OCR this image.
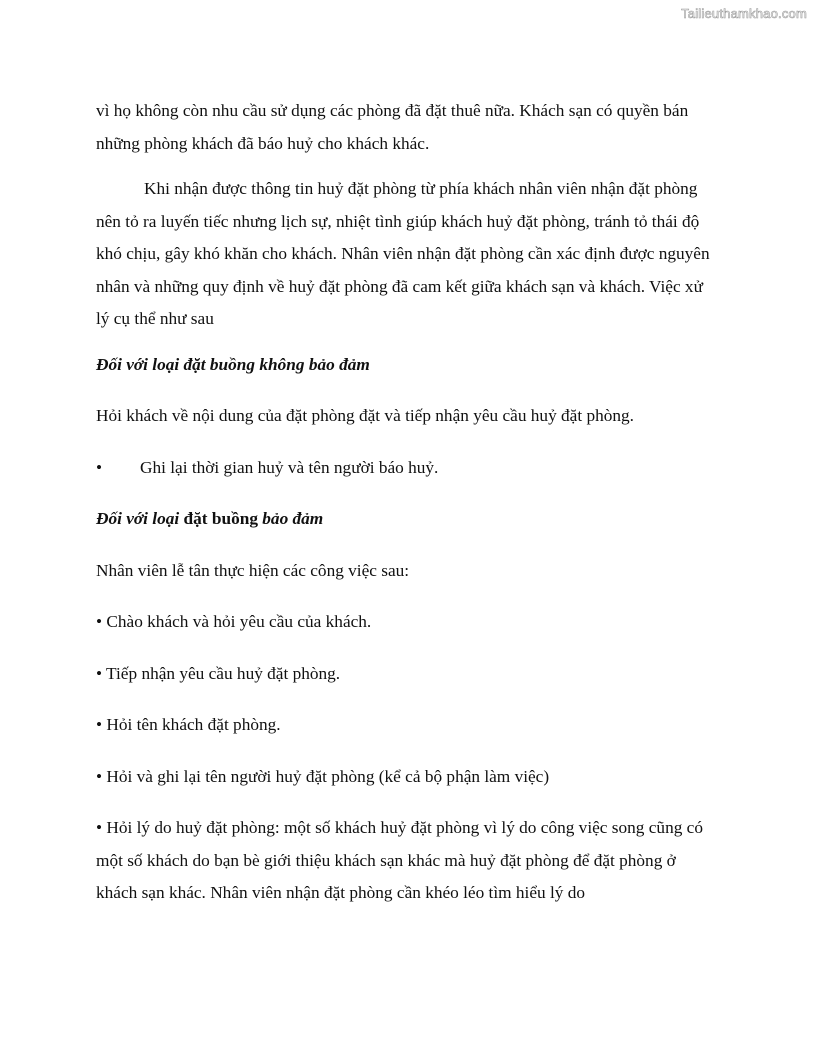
Tailieuthamkhao.com

vì họ không còn nhu cầu sử dụng các phòng đã đặt thuê nữa. Khách sạn có quyền bán những phòng khách đã báo huỷ cho khách khác.

Khi nhận được thông tin huỷ đặt phòng từ phía khách nhân viên nhận đặt phòng nên tỏ ra luyến tiếc nhưng lịch sự, nhiệt tình giúp khách huỷ đặt phòng, tránh tỏ thái độ khó chịu, gây khó khăn cho khách. Nhân viên nhận đặt phòng cần xác định được nguyên nhân và những quy định về huỷ đặt phòng đã cam kết giữa khách sạn và khách. Việc xử lý cụ thể như sau

Đối với loại đặt buồng không bảo đảm

Hỏi khách về nội dung của đặt phòng đặt và tiếp nhận yêu cầu huỷ đặt phòng.

• Ghi lại thời gian huỷ và tên người báo huỷ.

Đối với loại đặt buồng bảo đảm

Nhân viên lễ tân thực hiện các công việc sau:

• Chào khách và hỏi yêu cầu của khách.

• Tiếp nhận yêu cầu huỷ đặt phòng.

• Hỏi tên khách đặt phòng.

• Hỏi và ghi lại tên người huỷ đặt phòng (kể cả bộ phận làm việc)

• Hỏi lý do huỷ đặt phòng: một số khách huỷ đặt phòng vì lý do công việc song cũng có một số khách do bạn bè giới thiệu khách sạn khác mà huỷ đặt phòng để đặt phòng ở khách sạn khác. Nhân viên nhận đặt phòng cần khéo léo tìm hiểu lý do
